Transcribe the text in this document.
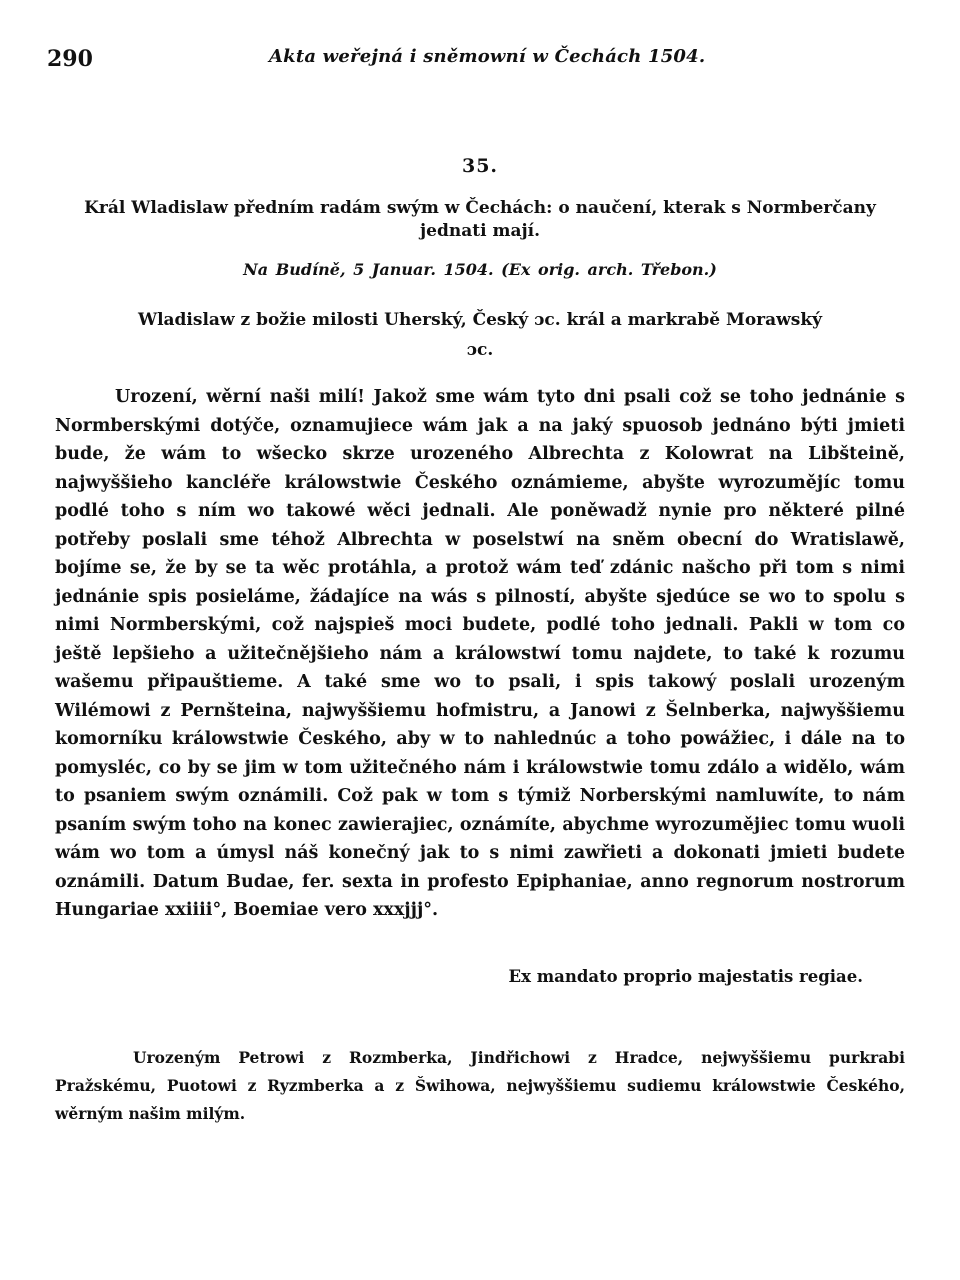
290	Akta weřejná i sněmowní w Čechách 1504.
35.
Král Wladislaw předním radám swým w Čechách: o naučení, kterak s Normberčany jednati mají.
Na Budíně, 5 Januar. 1504. (Ex orig. arch. Třebon.)
Wladislaw z božie milosti Uherský, Český ɔc. král a markrabě Morawský ɔc.
Urození, wěrní naši milí! Jakož sme wám tyto dni psali což se toho jednánie s Normberskými dotýče, oznamujiece wám jak a na jaký spuosob jednáno býti jmieti bude, že wám to wšecko skrze urozeného Albrechta z Kolowrat na Libšteině, najwyššieho kancléře králowstwie Českého oznámieme, abyšte wyrozumějíc tomu podlé toho s ním wo takowé wěci jednali. Ale poněwadž nynie pro některé pilné potřeby poslali sme téhož Albrechta w poselstwí na sněm obecní do Wratislawě, bojíme se, že by se ta wěc protáhla, a protož wám teď zdánic našcho při tom s nimi jednánie spis posieláme, žádajíce na wás s pilností, abyšte sjedúce se wo to spolu s nimi Normberskými, což najspieš moci budete, podlé toho jednali. Pakli w tom co ještě lepšieho a užitečnějšieho nám a králowstwí tomu najdete, to také k rozumu wašemu připauštieme. A také sme wo to psali, i spis takowý poslali urozeným Wilémowi z Pernšteina, najwyššiemu hofmistru, a Janowi z Šelnberka, najwyššiemu komorníku králowstwie Českého, aby w to nahlednúc a toho powážiec, i dále na to pomysléc, co by se jim w tom užitečného nám i králowstwie tomu zdálo a widělo, wám to psaniem swým oznámili. Což pak w tom s týmiž Norberskými namluwíte, to nám psaním swým toho na konec zawierajiec, oznámíte, abychme wyrozumějiec tomu wuoli wám wo tom a úmysl náš konečný jak to s nimi zawřieti a dokonati jmieti budete oznámili. Datum Budae, fer. sexta in profesto Epiphaniae, anno regnorum nostrorum Hungariae xxiiii°, Boemiae vero xxxjjj°.
Ex mandato proprio majestatis regiae.
Urozeným Petrowi z Rozmberka, Jindřichowi z Hradce, nejwyššiemu purkrabi Pražskému, Puotowi z Ryzmberka a z Šwihowa, nejwyššiemu sudiemu králowstwie Českého, wěrným našim milým.
